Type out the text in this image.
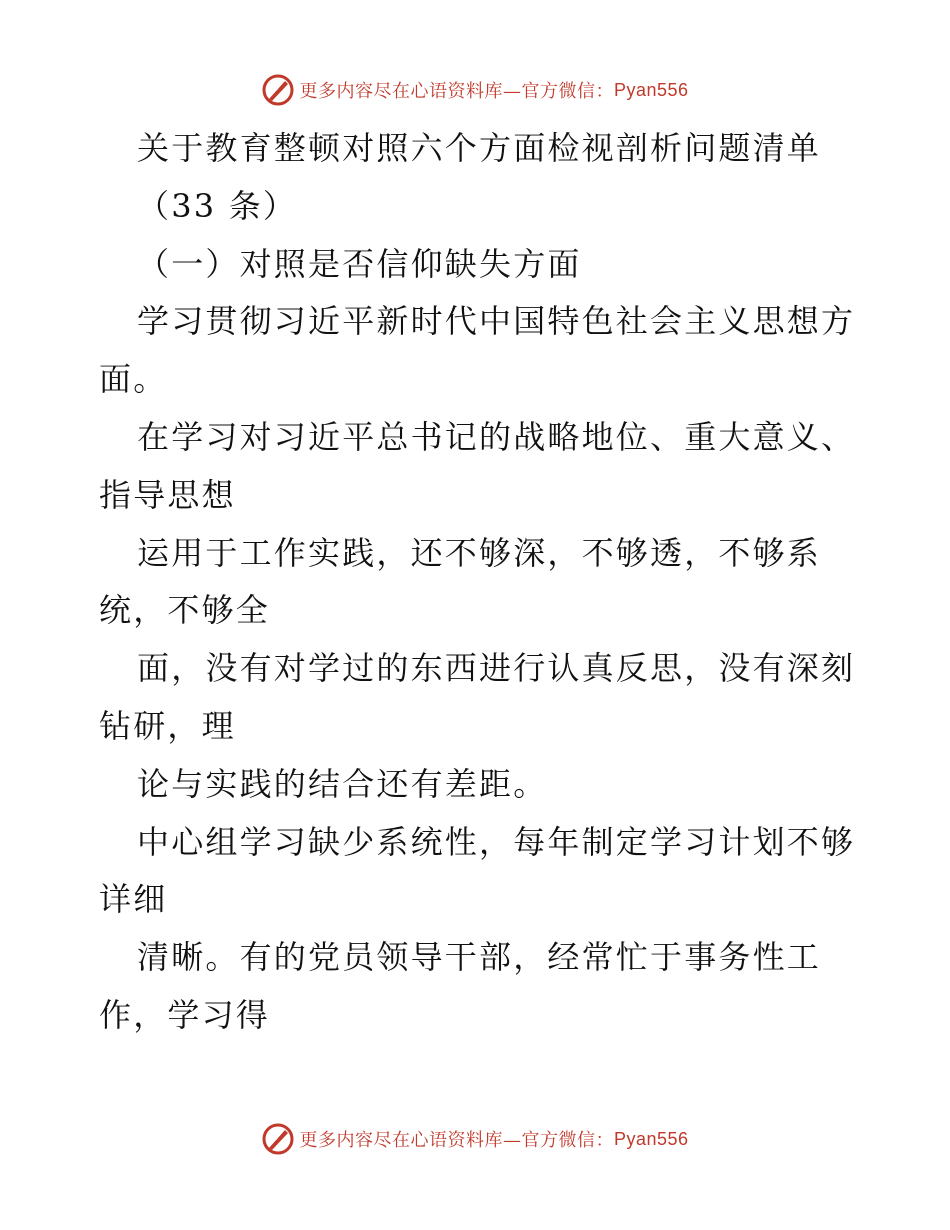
更多内容尽在心语资料库—官方微信： Pyan556
关于教育整顿对照六个方面检视剖析问题清单
（33 条）
（一）对照是否信仰缺失方面
学习贯彻习近平新时代中国特色社会主义思想方
面。
在学习对习近平总书记的战略地位、重大意义、
指导思想
运用于工作实践，还不够深，不够透，不够系
统，不够全
面，没有对学过的东西进行认真反思，没有深刻
钻研，理
论与实践的结合还有差距。
中心组学习缺少系统性，每年制定学习计划不够
详细
清晰。有的党员领导干部，经常忙于事务性工
作，学习得
更多内容尽在心语资料库—官方微信： Pyan556
